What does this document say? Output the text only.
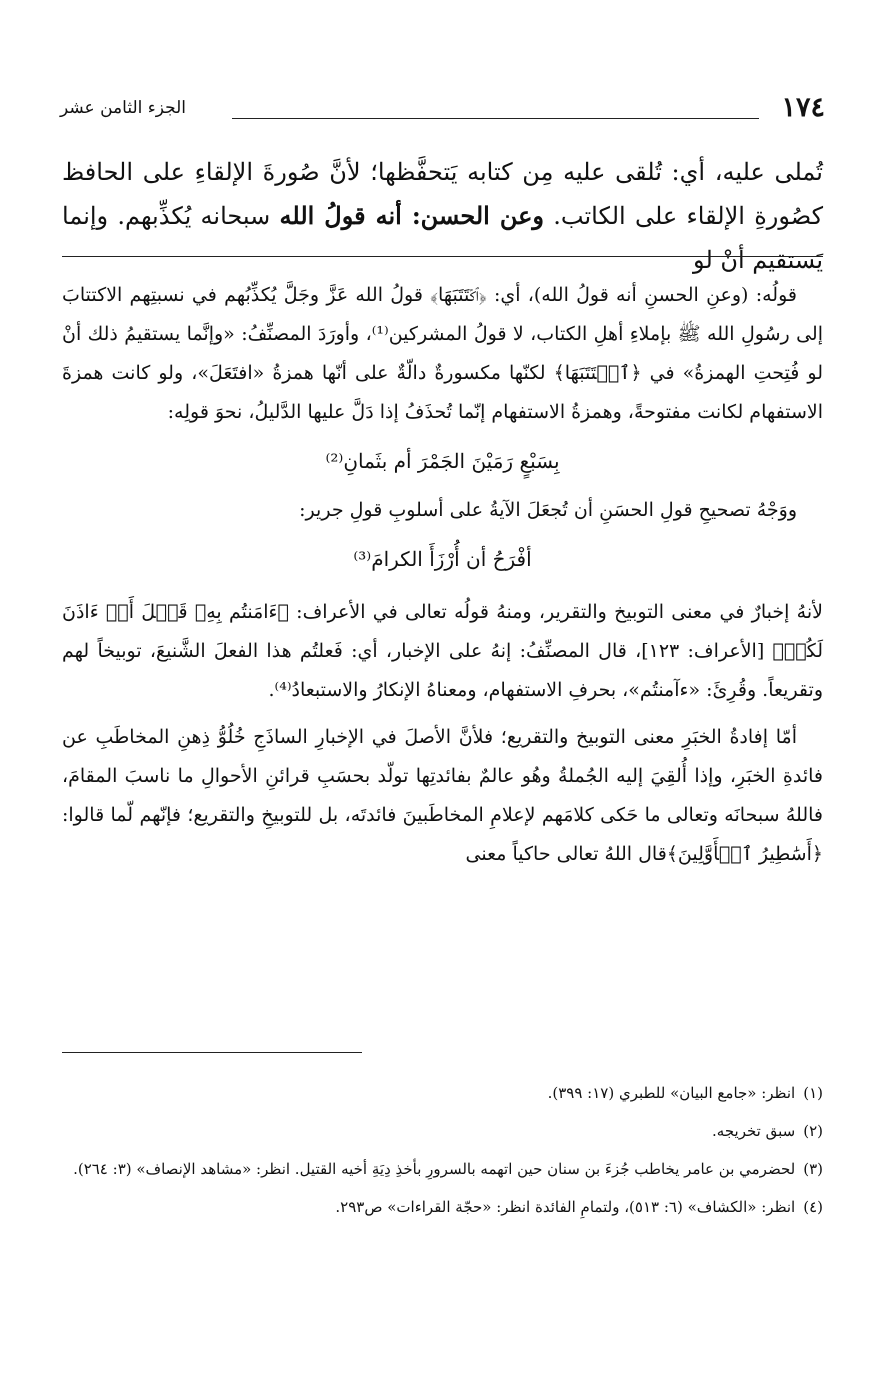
١٧٤
الجزء الثامن عشر

تُملى عليه، أي: تُلقى عليه مِن كتابه يَتحفَّظها؛ لأنَّ صُورةَ الإلقاءِ على الحافظ كصُورةِ الإلقاء على الكاتب. وعن الحسن: أنه قولُ الله سبحانه يُكذِّبهم. وإنما يَستقيم أنْ لو

قولُه: (وعنِ الحسنِ أنه قولُ الله)، أي: ﴿ٱكۡتَتَبَهَا﴾ قولُ الله عَزَّ وجَلَّ يُكذِّبُهم في نسبتِهم الاكتتابَ إلى رسُولِ الله ﷺ بإملاءِ أهلِ الكتاب، لا قولُ المشركين⁽¹⁾، وأورَدَ المصنِّفُ: «وإنَّما يستقيمُ ذلك أنْ لو فُتِحتِ الهمزةُ» في ﴿ٱكۡتَتَبَهَا﴾ لكنّها مكسورةٌ دالّةٌ على أنّها همزةُ «افتَعَلَ»، ولو كانت همزةَ الاستفهام لكانت مفتوحةً، وهمزةُ الاستفهام إنّما تُحذَفُ إذا دَلَّ عليها الدَّليلُ، نحوَ قولِه:

بِسَبْعٍ رَمَيْنَ الجَمْرَ أم بثَمانِ⁽²⁾

ووَجْهُ تصحيحِ قولِ الحسَنِ أن تُجعَلَ الآيةُ على أسلوبِ قولِ جرير:

أفْرَحُ أن أُرْزَأَ الكرامَ⁽³⁾

لأنهُ إخبارٌ في معنى التوبيخ والتقرير، ومنهُ قولُه تعالى في الأعراف: ﴿ءَامَنتُم بِهِۦ قَبۡلَ أَنۡ ءَاذَنَ لَكُمۡ﴾ [الأعراف: ١٢٣]، قال المصنِّفُ: إنهُ على الإخبار، أي: فَعلتُم هذا الفعلَ الشَّنيعَ، توبيخاً لهم وتقريعاً. وقُرِئَ: «ءآمنتُم»، بحرفِ الاستفهام، ومعناهُ الإنكارُ والاستبعادُ⁽⁴⁾.

أمّا إفادةُ الخبَرِ معنى التوبيخ والتقريع؛ فلأنَّ الأصلَ في الإخبارِ الساذَجِ خُلُوُّ ذِهنِ المخاطَبِ عن فائدةِ الخبَرِ، وإذا أُلقِيَ إليه الجُملةُ وهُو عالمٌ بفائدتِها تولّد بحسَبِ قرائنِ الأحوالِ ما ناسبَ المقامَ، فاللهُ سبحانَه وتعالى ما حَكى كلامَهم لإعلامِ المخاطَبينَ فائدتَه، بل للتوبيخِ والتقريع؛ فإنّهم لّما قالوا: ﴿أَسَٰطِيرُ ٱلۡأَوَّلِينَ﴾قال اللهُ تعالى حاكياً معنى

(١)
انظر: «جامع البيان» للطبري (١٧: ٣٩٩).
(٢)
سبق تخريجه.
(٣)
لحضرمي بن عامر يخاطب جُزءَ بن سنان حين اتهمه بالسرورِ بأخذِ دِيَةِ أخيه القتيل. انظر: «مشاهد الإنصاف» (٣: ٢٦٤).
(٤)
انظر: «الكشاف» (٦: ٥١٣)، ولتمامِ الفائدة انظر: «حجّة القراءات» ص٢٩٣.
